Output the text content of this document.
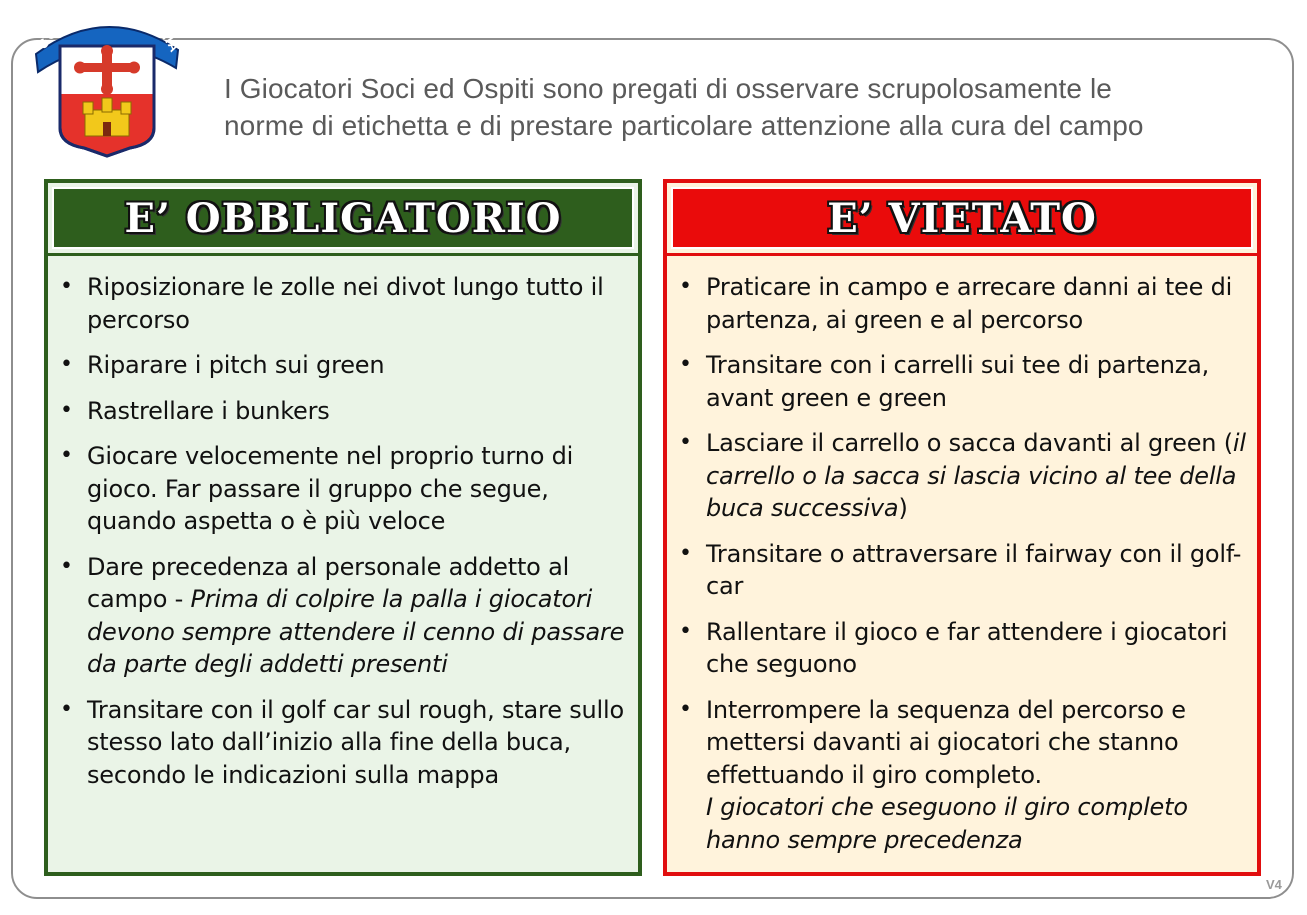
GOLF CLUB TIRRENIA
I Giocatori Soci ed Ospiti sono pregati di osservare scrupolosamente le
norme di etichetta e di prestare particolare attenzione alla cura del campo
E’ OBBLIGATORIO
• Riposizionare le zolle nei divot lungo tutto il percorso
• Riparare i pitch sui green
• Rastrellare i bunkers
• Giocare velocemente nel proprio turno di gioco. Far passare il gruppo che segue, quando aspetta o è più veloce
• Dare precedenza al personale addetto al campo - Prima di colpire la palla i giocatori devono sempre attendere il cenno di passare da parte degli addetti presenti
• Transitare con il golf car sul rough, stare sullo stesso lato dall’inizio alla fine della buca, secondo le indicazioni sulla mappa
E’ VIETATO
• Praticare in campo e arrecare danni ai tee di partenza, ai green e al percorso
• Transitare con i carrelli sui tee di partenza, avant green e green
• Lasciare il carrello o sacca davanti al green (il carrello o la sacca si lascia vicino al tee della buca successiva)
• Transitare o attraversare il fairway con il golf-car
• Rallentare il gioco e far attendere i giocatori che seguono
• Interrompere la sequenza del percorso e mettersi davanti ai giocatori che stanno effettuando il giro completo.
I giocatori che eseguono il giro completo hanno sempre precedenza
V4
